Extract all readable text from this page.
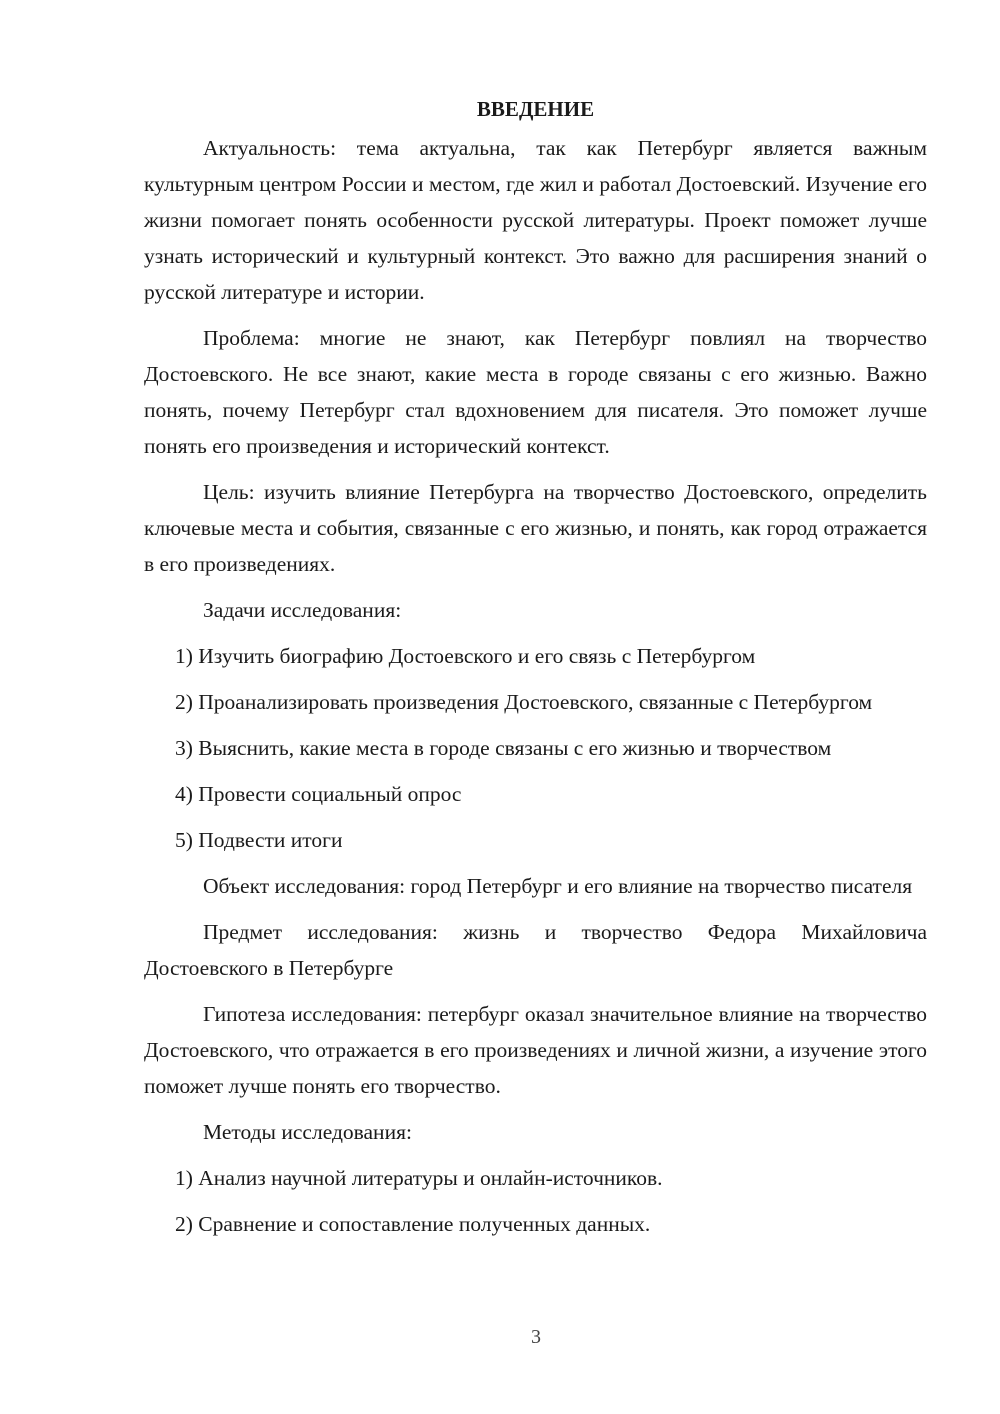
ВВЕДЕНИЕ

Актуальность: тема актуальна, так как Петербург является важным культурным центром России и местом, где жил и работал Достоевский. Изучение его жизни помогает понять особенности русской литературы. Проект поможет лучше узнать исторический и культурный контекст. Это важно для расширения знаний о русской литературе и истории.

Проблема: многие не знают, как Петербург повлиял на творчество Достоевского. Не все знают, какие места в городе связаны с его жизнью. Важно понять, почему Петербург стал вдохновением для писателя. Это поможет лучше понять его произведения и исторический контекст.

Цель: изучить влияние Петербурга на творчество Достоевского, определить ключевые места и события, связанные с его жизнью, и понять, как город отражается в его произведениях.

Задачи исследования:

1) Изучить биографию Достоевского и его связь с Петербургом

2) Проанализировать произведения Достоевского, связанные с Петербургом

3) Выяснить, какие места в городе связаны с его жизнью и творчеством

4) Провести социальный опрос

5) Подвести итоги

Объект исследования: город Петербург и его влияние на творчество писателя

Предмет исследования: жизнь и творчество Федора Михайловича Достоевского в Петербурге

Гипотеза исследования: петербург оказал значительное влияние на творчество Достоевского, что отражается в его произведениях и личной жизни, а изучение этого поможет лучше понять его творчество.

Методы исследования:

1) Анализ научной литературы и онлайн-источников.

2) Сравнение и сопоставление полученных данных.

3
